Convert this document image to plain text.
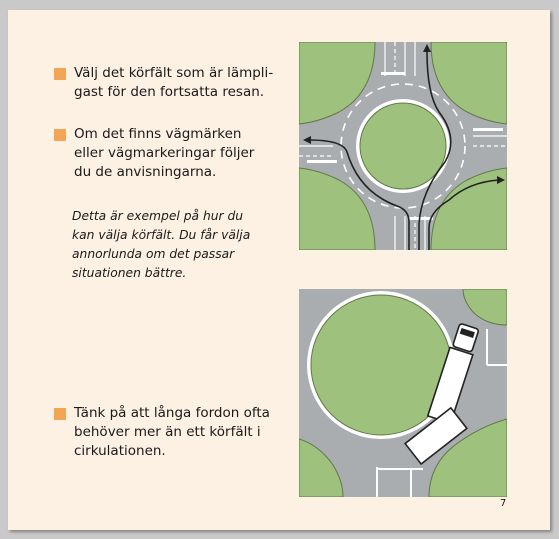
Välj det körfält som är lämpli-
gast för den fortsatta resan.
Om det finns vägmärken
eller vägmarkeringar följer
du de anvisningarna.
Detta är exempel på hur du
kan välja körfält. Du får välja
annorlunda om det passar
situationen bättre.
Tänk på att långa fordon ofta
behöver mer än ett körfält i
cirkulationen.
7
